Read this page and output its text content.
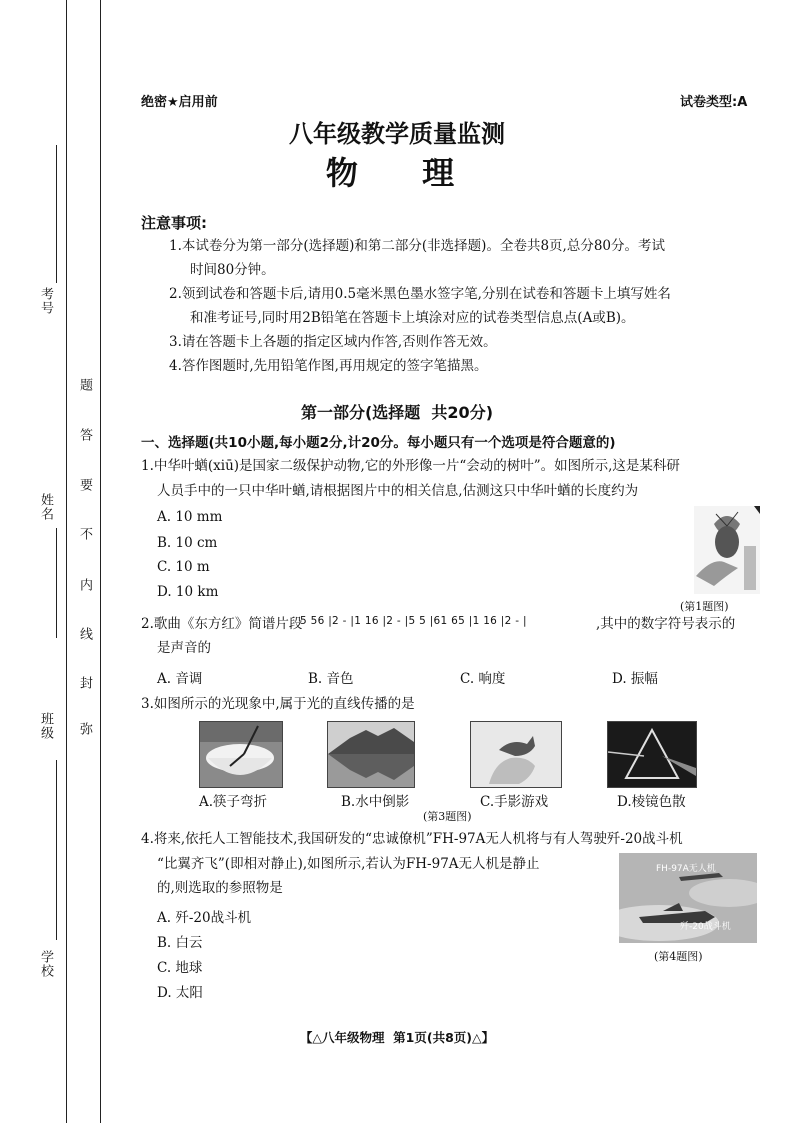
考号
姓名
班级
学校
题
答
要
不
内
线
封
弥
绝密★启用前	试卷类型:A
八年级教学质量监测
物  理
注意事项:
1.本试卷分为第一部分(选择题)和第二部分(非选择题)。全卷共8页,总分80分。考试
时间80分钟。
2.领到试卷和答题卡后,请用0.5毫米黑色墨水签字笔,分别在试卷和答题卡上填写姓名
和准考证号,同时用2B铅笔在答题卡上填涂对应的试卷类型信息点(A或B)。
3.请在答题卡上各题的指定区域内作答,否则作答无效。
4.答作图题时,先用铅笔作图,再用规定的签字笔描黑。
第一部分(选择题  共20分)
一、选择题(共10小题,每小题2分,计20分。每小题只有一个选项是符合题意的)
1.中华叶蝤(xiū)是国家二级保护动物,它的外形像一片“会动的树叶”。如图所示,这是某科研
人员手中的一只中华叶蝤,请根据图片中的相关信息,估测这只中华叶蝤的长度约为
A. 10 mm
B. 10 cm
C. 10 m
D. 10 km
(第1题图)
2.歌曲《东方红》简谱片段
5 56 |2 - |1 16 |2 - |5 5 |61 65 |1 16 |2 - |	,其中的数字符号表示的
是声音的
A. 音调	B. 音色	C. 响度	D. 振幅
3.如图所示的光现象中,属于光的直线传播的是
A.筷子弯折	B.水中倒影	C.手影游戏	D.棱镜色散
(第3题图)
4.将来,依托人工智能技术,我国研发的“忠诚僚机”FH-97A无人机将与有人驾驶歼-20战斗机
“比翼齐飞”(即相对静止),如图所示,若认为FH-97A无人机是静止
的,则选取的参照物是
A. 歼-20战斗机
B. 白云
C. 地球
D. 太阳
FH-97A无人机
歼-20战斗机
(第4题图)
【△八年级物理  第1页(共8页)△】
